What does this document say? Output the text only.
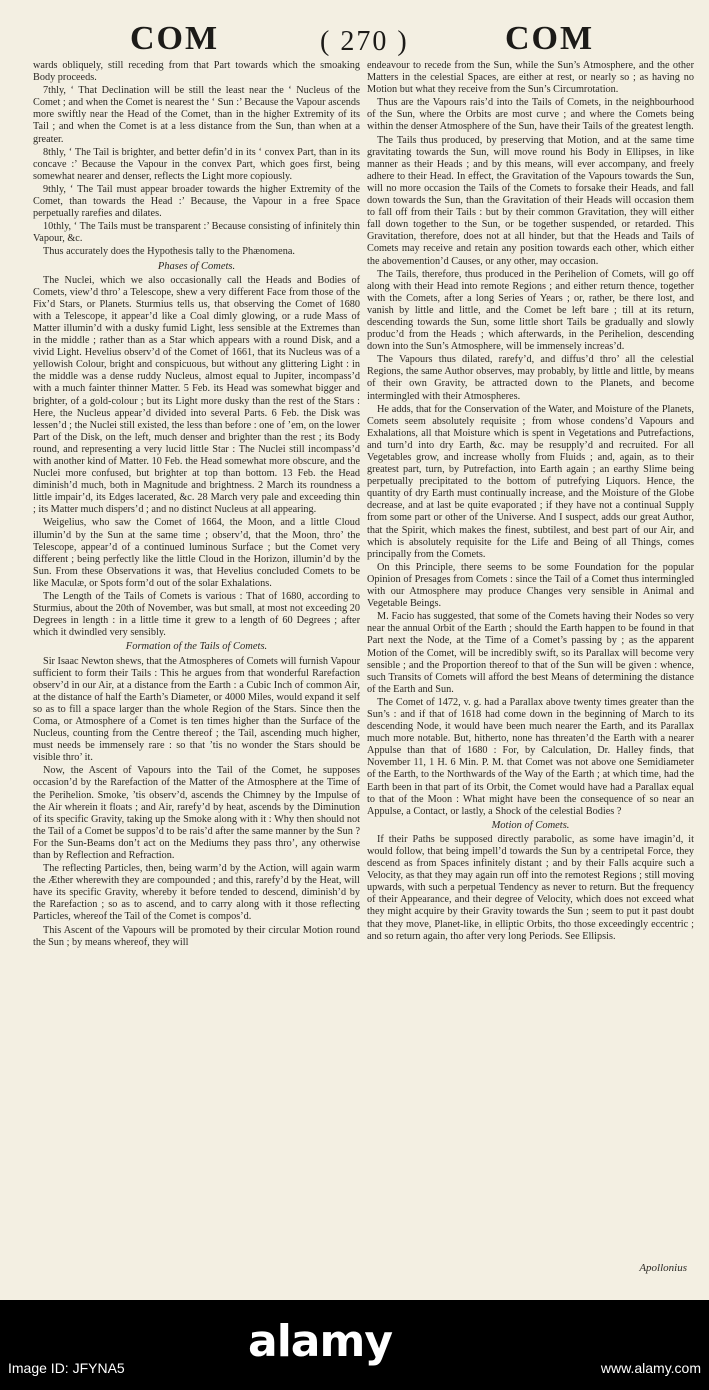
COM	( 270 )	COM

wards obliquely, still receding from that Part towards which the smoaking Body proceeds.

7thly, ‘ That Declination will be still the least near the ‘ Nucleus of the Comet ; and when the Comet is nearest the ‘ Sun :’ Because the Vapour ascends more swiftly near the Head of the Comet, than in the higher Extremity of its Tail ; and when the Comet is at a less distance from the Sun, than when at a greater.

8thly, ‘ The Tail is brighter, and better defin’d in its ‘ convex Part, than in its concave :’ Because the Vapour in the convex Part, which goes first, being somewhat nearer and denser, reflects the Light more copiously.

9thly, ‘ The Tail must appear broader towards the higher Extremity of the Comet, than towards the Head :’ Because, the Vapour in a free Space perpetually rarefies and dilates.

10thly, ‘ The Tails must be transparent :’ Because consisting of infinitely thin Vapour, &c.

Thus accurately does the Hypothesis tally to the Phænomena.

Phases of Comets.

The Nuclei, which we also occasionally call the Heads and Bodies of Comets, view’d thro’ a Telescope, shew a very different Face from those of the Fix’d Stars, or Planets. Sturmius tells us, that observing the Comet of 1680 with a Telescope, it appear’d like a Coal dimly glowing, or a rude Mass of Matter illumin’d with a dusky fumid Light, less sensible at the Extremes than in the middle ; rather than as a Star which appears with a round Disk, and a vivid Light. Hevelius observ’d of the Comet of 1661, that its Nucleus was of a yellowish Colour, bright and conspicuous, but without any glittering Light : in the middle was a dense ruddy Nucleus, almost equal to Jupiter, incompass’d with a much fainter thinner Matter. 5 Feb. its Head was somewhat bigger and brighter, of a gold-colour ; but its Light more dusky than the rest of the Stars : Here, the Nucleus appear’d divided into several Parts. 6 Feb. the Disk was lessen’d ; the Nuclei still existed, the less than before : one of ’em, on the lower Part of the Disk, on the left, much denser and brighter than the rest ; its Body round, and representing a very lucid little Star : The Nuclei still incompass’d with another kind of Matter. 10 Feb. the Head somewhat more obscure, and the Nuclei more confused, but brighter at top than bottom. 13 Feb. the Head diminish’d much, both in Magnitude and brightness. 2 March its roundness a little impair’d, its Edges lacerated, &c. 28 March very pale and exceeding thin ; its Matter much dispers’d ; and no distinct Nucleus at all appearing.

Weigelius, who saw the Comet of 1664, the Moon, and a little Cloud illumin’d by the Sun at the same time ; observ’d, that the Moon, thro’ the Telescope, appear’d of a continued luminous Surface ; but the Comet very different ; being perfectly like the little Cloud in the Horizon, illumin’d by the Sun. From these Observations it was, that Hevelius concluded Comets to be like Maculæ, or Spots form’d out of the solar Exhalations.

The Length of the Tails of Comets is various : That of 1680, according to Sturmius, about the 20th of November, was but small, at most not exceeding 20 Degrees in length : in a little time it grew to a length of 60 Degrees ; after which it dwindled very sensibly.

Formation of the Tails of Comets.

Sir Isaac Newton shews, that the Atmospheres of Comets will furnish Vapour sufficient to form their Tails : This he argues from that wonderful Rarefaction observ’d in our Air, at a distance from the Earth : a Cubic Inch of common Air, at the distance of half the Earth’s Diameter, or 4000 Miles, would expand it self so as to fill a space larger than the whole Region of the Stars. Since then the Coma, or Atmosphere of a Comet is ten times higher than the Surface of the Nucleus, counting from the Centre thereof ; the Tail, ascending much higher, must needs be immensely rare : so that ’tis no wonder the Stars should be visible thro’ it.

Now, the Ascent of Vapours into the Tail of the Comet, he supposes occasion’d by the Rarefaction of the Matter of the Atmosphere at the Time of the Perihelion. Smoke, ’tis observ’d, ascends the Chimney by the Impulse of the Air wherein it floats ; and Air, rarefy’d by heat, ascends by the Diminution of its specific Gravity, taking up the Smoke along with it : Why then should not the Tail of a Comet be suppos’d to be rais’d after the same manner by the Sun ? For the Sun-Beams don’t act on the Mediums they pass thro’, any otherwise than by Reflection and Refraction.

The reflecting Particles, then, being warm’d by the Action, will again warm the Æther wherewith they are compounded ; and this, rarefy’d by the Heat, will have its specific Gravity, whereby it before tended to descend, diminish’d by the Rarefaction ; so as to ascend, and to carry along with it those reflecting Particles, whereof the Tail of the Comet is compos’d.

This Ascent of the Vapours will be promoted by their circular Motion round the Sun ; by means whereof, they will

endeavour to recede from the Sun, while the Sun’s Atmosphere, and the other Matters in the celestial Spaces, are either at rest, or nearly so ; as having no Motion but what they receive from the Sun’s Circumrotation.

Thus are the Vapours rais’d into the Tails of Comets, in the neighbourhood of the Sun, where the Orbits are most curve ; and where the Comets being within the denser Atmosphere of the Sun, have their Tails of the greatest length.

The Tails thus produced, by preserving that Motion, and at the same time gravitating towards the Sun, will move round his Body in Ellipses, in like manner as their Heads ; and by this means, will ever accompany, and freely adhere to their Head. In effect, the Gravitation of the Vapours towards the Sun, will no more occasion the Tails of the Comets to forsake their Heads, and fall down towards the Sun, than the Gravitation of their Heads will occasion them to fall off from their Tails : but by their common Gravitation, they will either fall down together to the Sun, or be together suspended, or retarded. This Gravitation, therefore, does not at all hinder, but that the Heads and Tails of Comets may receive and retain any position towards each other, which either the abovemention’d Causes, or any other, may occasion.

The Tails, therefore, thus produced in the Perihelion of Comets, will go off along with their Head into remote Regions ; and either return thence, together with the Comets, after a long Series of Years ; or, rather, be there lost, and vanish by little and little, and the Comet be left bare ; till at its return, descending towards the Sun, some little short Tails be gradually and slowly produc’d from the Heads ; which afterwards, in the Perihelion, descending down into the Sun’s Atmosphere, will be immensely increas’d.

The Vapours thus dilated, rarefy’d, and diffus’d thro’ all the celestial Regions, the same Author observes, may probably, by little and little, by means of their own Gravity, be attracted down to the Planets, and become intermingled with their Atmospheres.

He adds, that for the Conservation of the Water, and Moisture of the Planets, Comets seem absolutely requisite ; from whose condens’d Vapours and Exhalations, all that Moisture which is spent in Vegetations and Putrefactions, and turn’d into dry Earth, &c. may be resupply’d and recruited. For all Vegetables grow, and increase wholly from Fluids ; and, again, as to their greatest part, turn, by Putrefaction, into Earth again ; an earthy Slime being perpetually precipitated to the bottom of putrefying Liquors. Hence, the quantity of dry Earth must continually increase, and the Moisture of the Globe decrease, and at last be quite evaporated ; if they have not a continual Supply from some part or other of the Universe. And I suspect, adds our great Author, that the Spirit, which makes the finest, subtilest, and best part of our Air, and which is absolutely requisite for the Life and Being of all Things, comes principally from the Comets.

On this Principle, there seems to be some Foundation for the popular Opinion of Presages from Comets : since the Tail of a Comet thus intermingled with our Atmosphere may produce Changes very sensible in Animal and Vegetable Beings.

M. Facio has suggested, that some of the Comets having their Nodes so very near the annual Orbit of the Earth ; should the Earth happen to be found in that Part next the Node, at the Time of a Comet’s passing by ; as the apparent Motion of the Comet, will be incredibly swift, so its Parallax will become very sensible ; and the Proportion thereof to that of the Sun will be given : whence, such Transits of Comets will afford the best Means of determining the distance of the Earth and Sun.

The Comet of 1472, v. g. had a Parallax above twenty times greater than the Sun’s : and if that of 1618 had come down in the beginning of March to its descending Node, it would have been much nearer the Earth, and its Parallax much more notable. But, hitherto, none has threaten’d the Earth with a nearer Appulse than that of 1680 : For, by Calculation, Dr. Halley finds, that November 11, 1 H. 6 Min. P. M. that Comet was not above one Semidiameter of the Earth, to the Northwards of the Way of the Earth ; at which time, had the Earth been in that part of its Orbit, the Comet would have had a Parallax equal to that of the Moon : What might have been the consequence of so near an Appulse, a Contact, or lastly, a Shock of the celestial Bodies ?

Motion of Comets.

If their Paths be supposed directly parabolic, as some have imagin’d, it would follow, that being impell’d towards the Sun by a centripetal Force, they descend as from Spaces infinitely distant ; and by their Falls acquire such a Velocity, as that they may again run off into the remotest Regions ; still moving upwards, with such a perpetual Tendency as never to return. But the frequency of their Appearance, and their degree of Velocity, which does not exceed what they might acquire by their Gravity towards the Sun ; seem to put it past doubt that they move, Planet-like, in elliptic Orbits, tho those exceedingly eccentric ; and so return again, tho after very long Periods. See Ellipsis.

Apollonius
alamy
Image ID: JFYNA5	www.alamy.com
